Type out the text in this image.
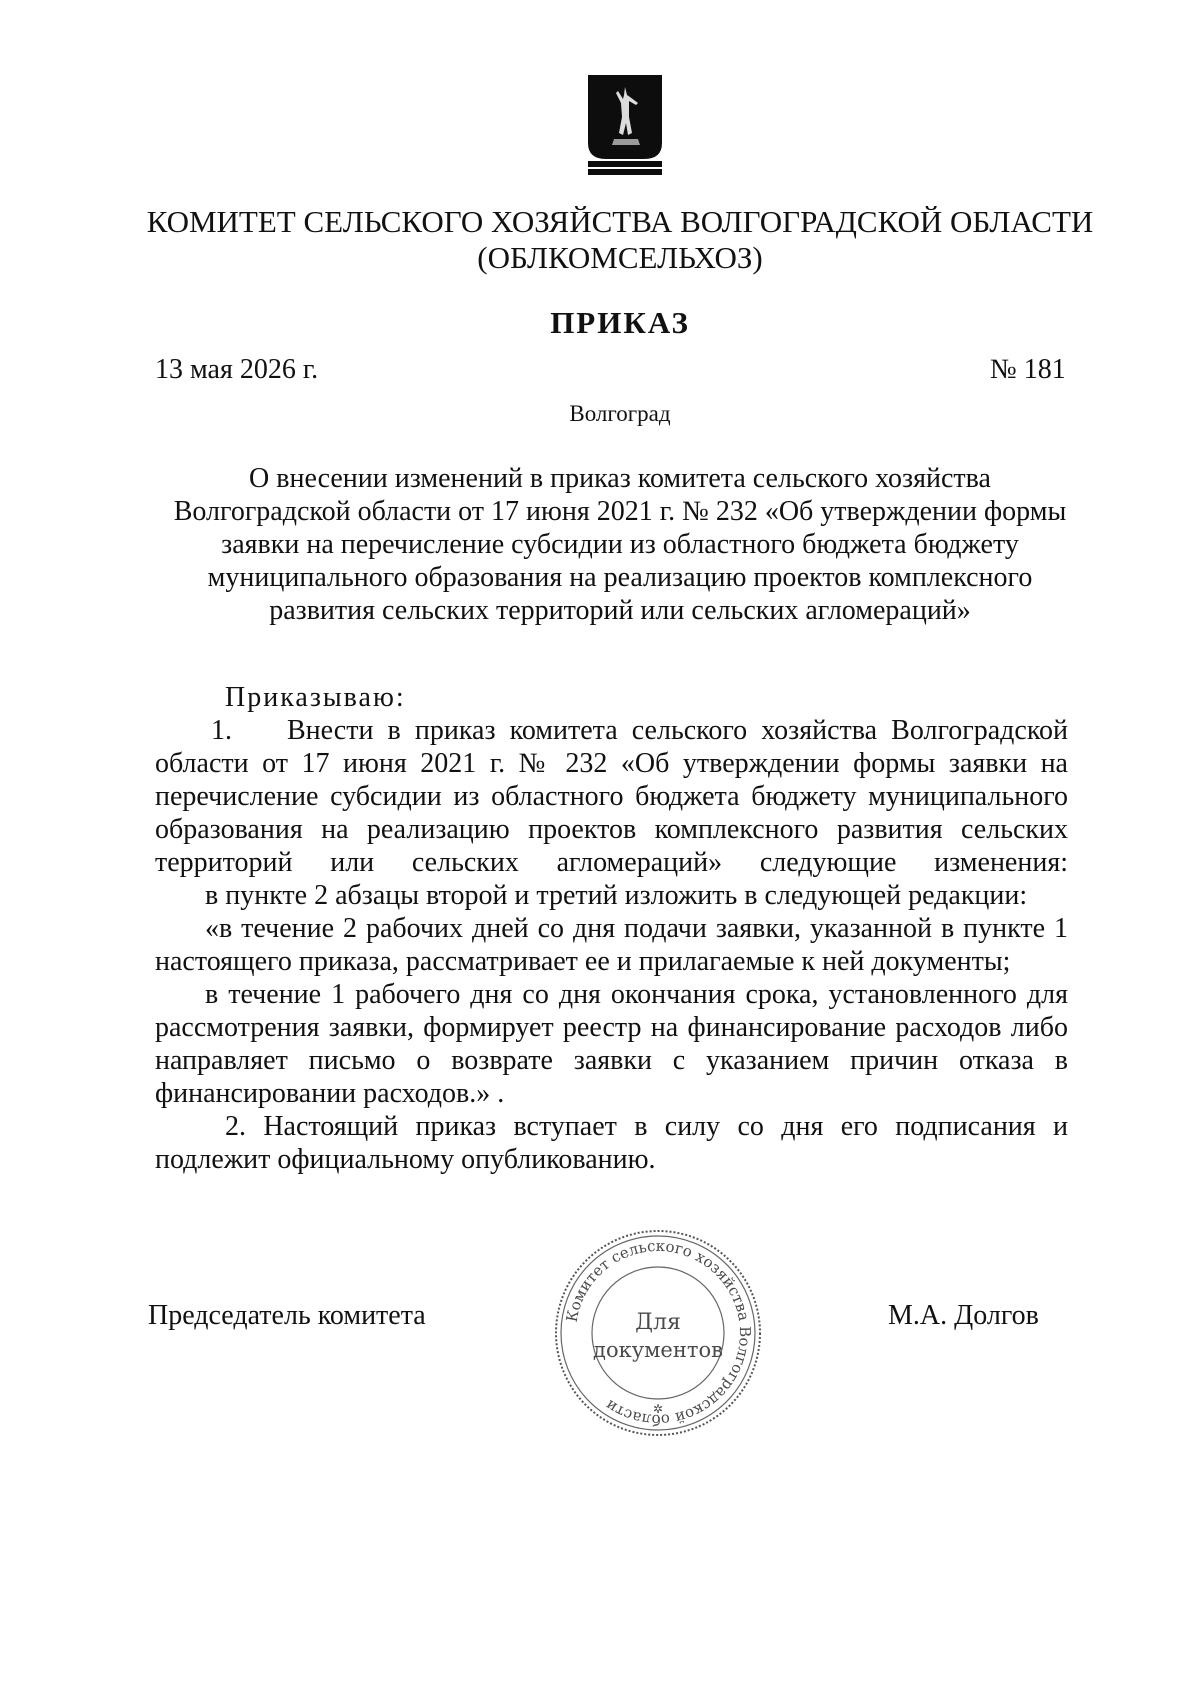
КОМИТЕТ СЕЛЬСКОГО ХОЗЯЙСТВА ВОЛГОГРАДСКОЙ ОБЛАСТИ
(ОБЛКОМСЕЛЬХОЗ)
ПРИКАЗ
13 мая 2026 г.	№ 181
Волгоград
О внесении изменений в приказ комитета сельского хозяйства
Волгоградской области от 17 июня 2021 г. № 232 «Об утверждении формы
заявки на перечисление субсидии из областного бюджета бюджету
муниципального образования на реализацию проектов комплексного
развития сельских территорий или сельских агломераций»

Приказываю:

1. Внести в приказ комитета сельского хозяйства Волгоградской области от 17 июня 2021 г. № 232 «Об утверждении формы заявки на перечисление субсидии из областного бюджета бюджету муниципального образования на реализацию проектов комплексного развития сельских территорий или сельских агломераций» следующие изменения:

в пункте 2 абзацы второй и третий изложить в следующей редакции:

«в течение 2 рабочих дней со дня подачи заявки, указанной в пункте 1 настоящего приказа, рассматривает ее и прилагаемые к ней документы;

в течение 1 рабочего дня со дня окончания срока, установленного для рассмотрения заявки, формирует реестр на финансирование расходов либо направляет письмо о возврате заявки с указанием причин отказа в финансировании расходов.» .

2. Настоящий приказ вступает в силу со дня его подписания и подлежит официальному опубликованию.

Председатель комитета	М.А. Долгов
Комитет сельского хозяйства Волгоградской области
Для
документов
✲
